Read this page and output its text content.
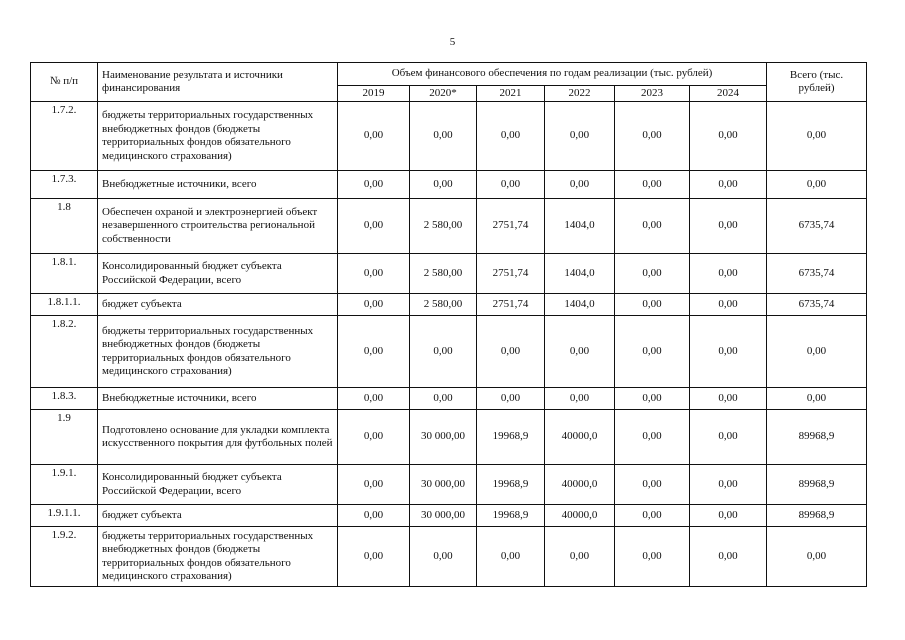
5
№ п/п	Наименование результата и источники финансирования	Объем финансового обеспечения по годам реализации (тыс. рублей)						Всего (тыс. рублей)
		2019	2020*	2021	2022	2023	2024	
1.7.2.	бюджеты территориальных государственных внебюджетных фондов (бюджеты территориальных фондов обязательного медицинского страхования)	0,00	0,00	0,00	0,00	0,00	0,00	0,00
1.7.3.	Внебюджетные источники, всего	0,00	0,00	0,00	0,00	0,00	0,00	0,00
1.8	Обеспечен охраной и электроэнергией объект незавершенного строительства региональной собственности	0,00	2 580,00	2751,74	1404,0	0,00	0,00	6735,74
1.8.1.	Консолидированный бюджет субъекта Российской Федерации, всего	0,00	2 580,00	2751,74	1404,0	0,00	0,00	6735,74
1.8.1.1.	бюджет субъекта	0,00	2 580,00	2751,74	1404,0	0,00	0,00	6735,74
1.8.2.	бюджеты территориальных государственных внебюджетных фондов (бюджеты территориальных фондов обязательного медицинского страхования)	0,00	0,00	0,00	0,00	0,00	0,00	0,00
1.8.3.	Внебюджетные источники, всего	0,00	0,00	0,00	0,00	0,00	0,00	0,00
1.9	Подготовлено основание для укладки комплекта искусственного покрытия для футбольных полей	0,00	30 000,00	19968,9	40000,0	0,00	0,00	89968,9
1.9.1.	Консолидированный бюджет субъекта Российской Федерации, всего	0,00	30 000,00	19968,9	40000,0	0,00	0,00	89968,9
1.9.1.1.	бюджет субъекта	0,00	30 000,00	19968,9	40000,0	0,00	0,00	89968,9
1.9.2.	бюджеты территориальных государственных внебюджетных фондов (бюджеты территориальных фондов обязательного медицинского страхования)	0,00	0,00	0,00	0,00	0,00	0,00	0,00
